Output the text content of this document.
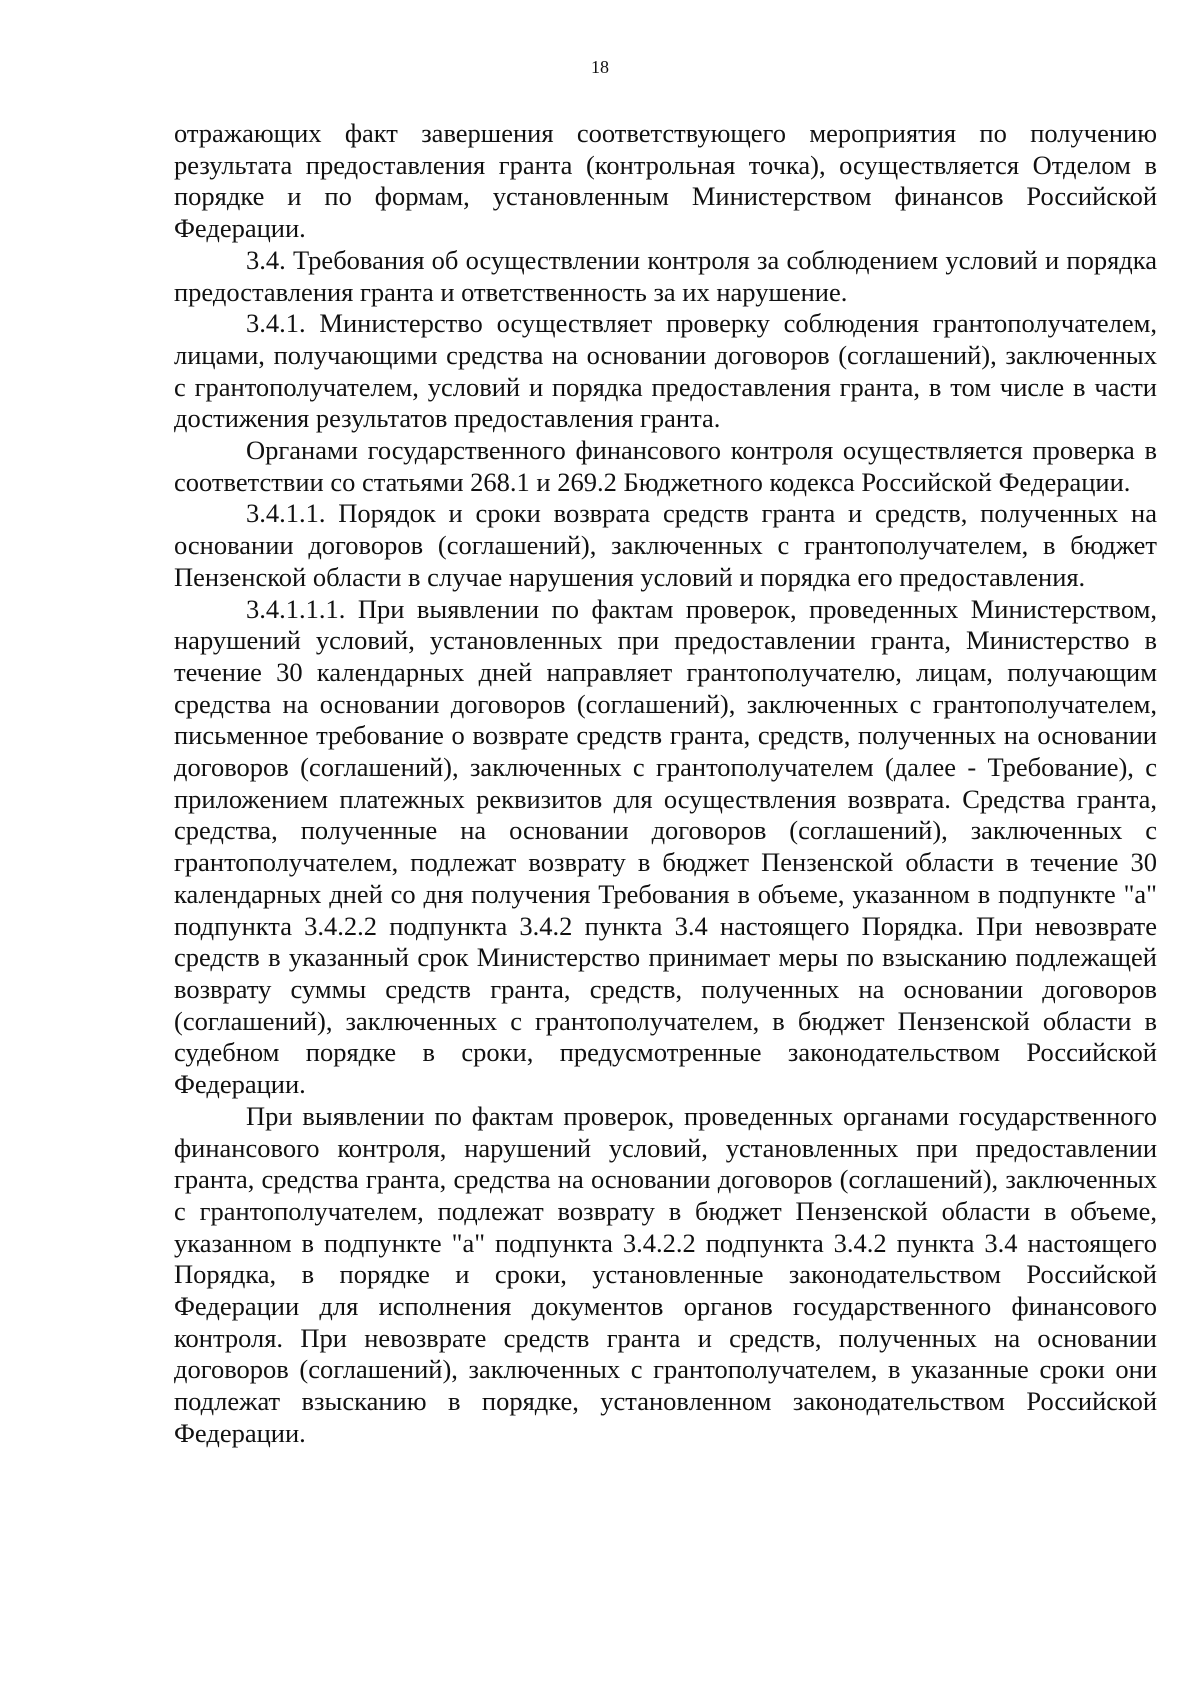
18

отражающих факт завершения соответствующего мероприятия по получению результата предоставления гранта (контрольная точка), осуществляется Отделом в порядке и по формам, установленным Министерством финансов Российской Федерации.

3.4. Требования об осуществлении контроля за соблюдением условий и порядка предоставления гранта и ответственность за их нарушение.

3.4.1. Министерство осуществляет проверку соблюдения грантополучателем, лицами, получающими средства на основании договоров (соглашений), заключенных с грантополучателем, условий и порядка предоставления гранта, в том числе в части достижения результатов предоставления гранта.

Органами государственного финансового контроля осуществляется проверка в соответствии со статьями 268.1 и 269.2 Бюджетного кодекса Российской Федерации.

3.4.1.1. Порядок и сроки возврата средств гранта и средств, полученных на основании договоров (соглашений), заключенных с грантополучателем, в бюджет Пензенской области в случае нарушения условий и порядка его предоставления.

3.4.1.1.1. При выявлении по фактам проверок, проведенных Министерством, нарушений условий, установленных при предоставлении гранта, Министерство в течение 30 календарных дней направляет грантополучателю, лицам, получающим средства на основании договоров (соглашений), заключенных с грантополучателем, письменное требование о возврате средств гранта, средств, полученных на основании договоров (соглашений), заключенных с грантополучателем (далее - Требование), с приложением платежных реквизитов для осуществления возврата. Средства гранта, средства, полученные на основании договоров (соглашений), заключенных с грантополучателем, подлежат возврату в бюджет Пензенской области в течение 30 календарных дней со дня получения Требования в объеме, указанном в подпункте "а" подпункта 3.4.2.2 подпункта 3.4.2 пункта 3.4 настоящего Порядка. При невозврате средств в указанный срок Министерство принимает меры по взысканию подлежащей возврату суммы средств гранта, средств, полученных на основании договоров (соглашений), заключенных с грантополучателем, в бюджет Пензенской области в судебном порядке в сроки, предусмотренные законодательством Российской Федерации.

При выявлении по фактам проверок, проведенных органами государственного финансового контроля, нарушений условий, установленных при предоставлении гранта, средства гранта, средства на основании договоров (соглашений), заключенных с грантополучателем, подлежат возврату в бюджет Пензенской области в объеме, указанном в подпункте "а" подпункта 3.4.2.2 подпункта 3.4.2 пункта 3.4 настоящего Порядка, в порядке и сроки, установленные законодательством Российской Федерации для исполнения документов органов государственного финансового контроля. При невозврате средств гранта и средств, полученных на основании договоров (соглашений), заключенных с грантополучателем, в указанные сроки они подлежат взысканию в порядке, установленном законодательством Российской Федерации.
